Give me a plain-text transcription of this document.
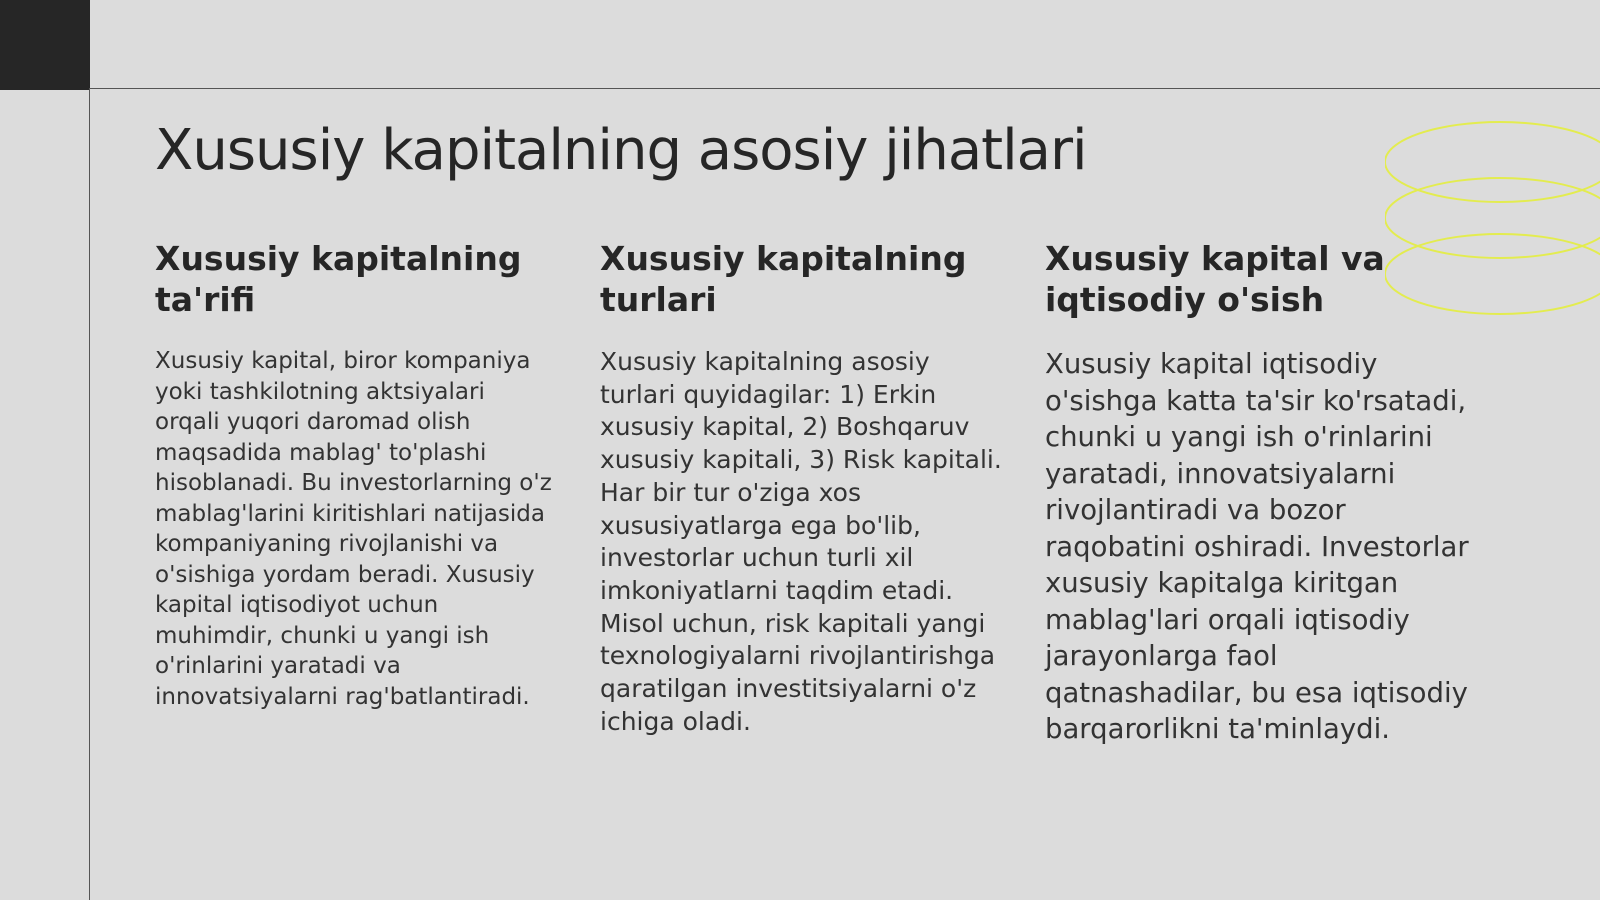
Xususiy kapitalning asosiy jihatlari
Xususiy kapitalning ta'rifi

Xususiy kapital, biror kompaniya yoki tashkilotning aktsiyalari orqali yuqori daromad olish maqsadida mablag' to'plashi hisoblanadi. Bu investorlarning o'z mablag'larini kiritishlari natijasida kompaniyaning rivojlanishi va o'sishiga yordam beradi. Xususiy kapital iqtisodiyot uchun muhimdir, chunki u yangi ish o'rinlarini yaratadi va innovatsiyalarni rag'batlantiradi.

Xususiy kapitalning turlari

Xususiy kapitalning asosiy turlari quyidagilar: 1) Erkin xususiy kapital, 2) Boshqaruv xususiy kapitali, 3) Risk kapitali. Har bir tur o'ziga xos xususiyatlarga ega bo'lib, investorlar uchun turli xil imkoniyatlarni taqdim etadi. Misol uchun, risk kapitali yangi texnologiyalarni rivojlantirishga qaratilgan investitsiyalarni o'z ichiga oladi.

Xususiy kapital va iqtisodiy o'sish

Xususiy kapital iqtisodiy o'sishga katta ta'sir ko'rsatadi, chunki u yangi ish o'rinlarini yaratadi, innovatsiyalarni rivojlantiradi va bozor raqobatini oshiradi. Investorlar xususiy kapitalga kiritgan mablag'lari orqali iqtisodiy jarayonlarga faol qatnashadilar, bu esa iqtisodiy barqarorlikni ta'minlaydi.
